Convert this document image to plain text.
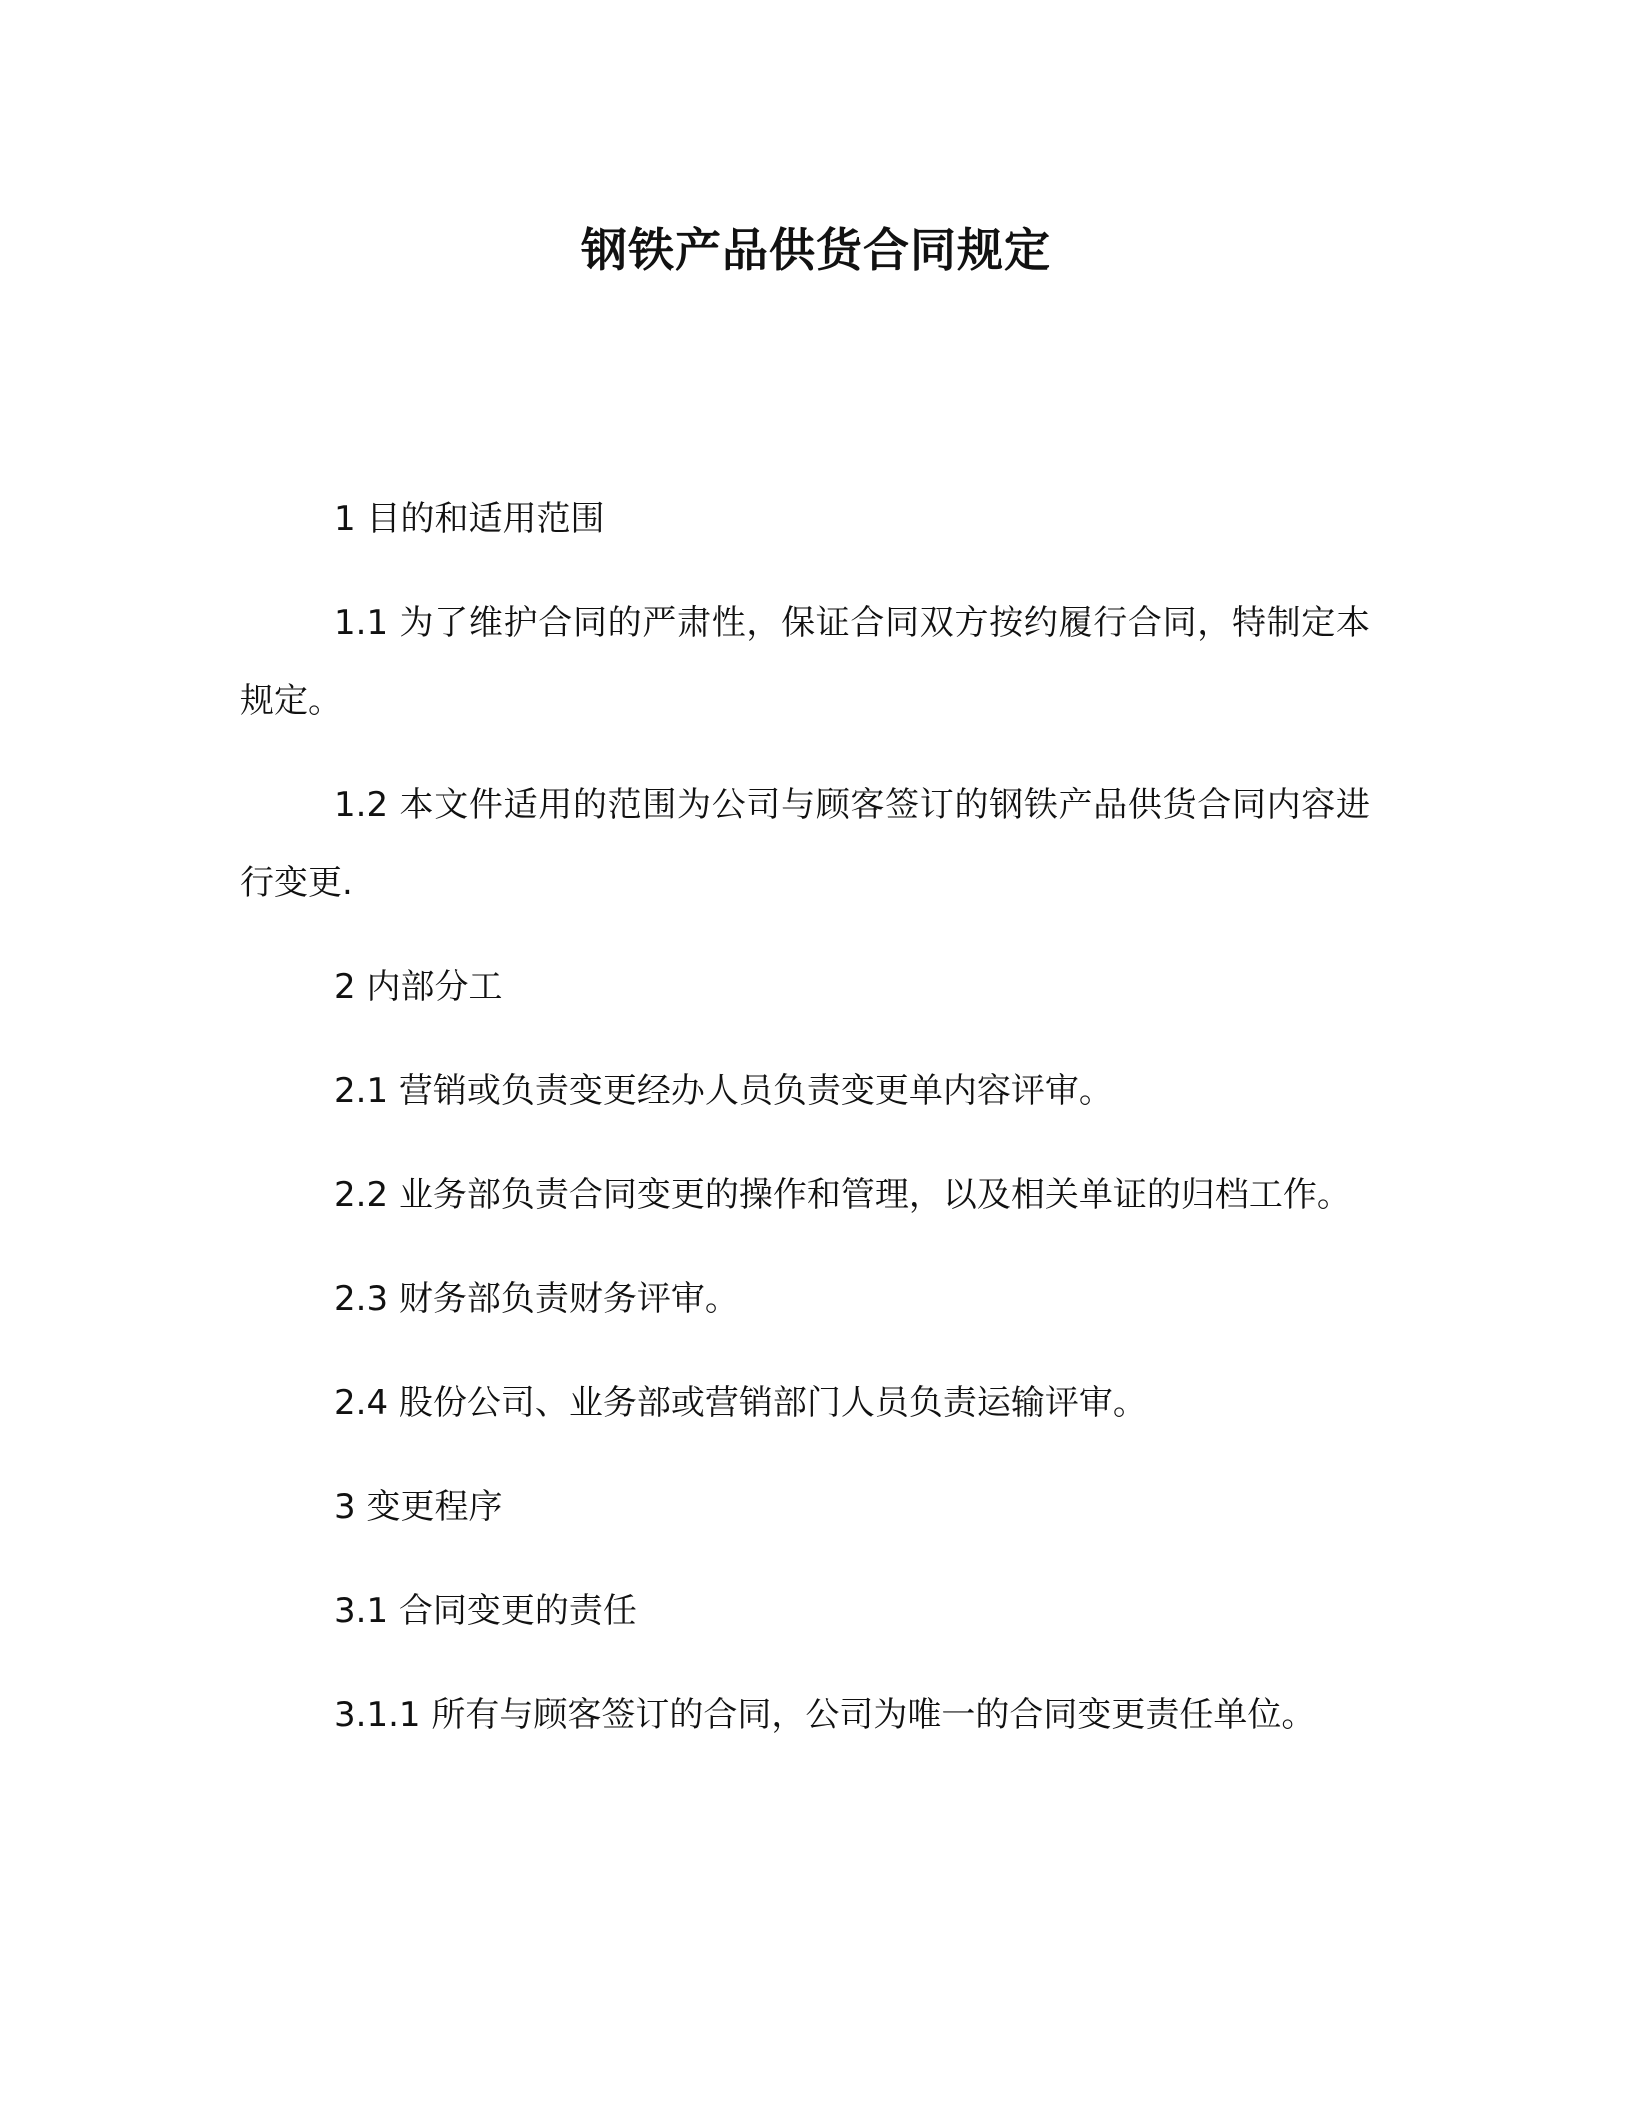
钢铁产品供货合同规定

1 目的和适用范围

1.1 为了维护合同的严肃性，保证合同双方按约履行合同，特制定本规定。

1.2 本文件适用的范围为公司与顾客签订的钢铁产品供货合同内容进行变更.

2 内部分工

2.1 营销或负责变更经办人员负责变更单内容评审。

2.2 业务部负责合同变更的操作和管理，以及相关单证的归档工作。

2.3 财务部负责财务评审。

2.4 股份公司、业务部或营销部门人员负责运输评审。

3 变更程序

3.1 合同变更的责任

3.1.1 所有与顾客签订的合同，公司为唯一的合同变更责任单位。
